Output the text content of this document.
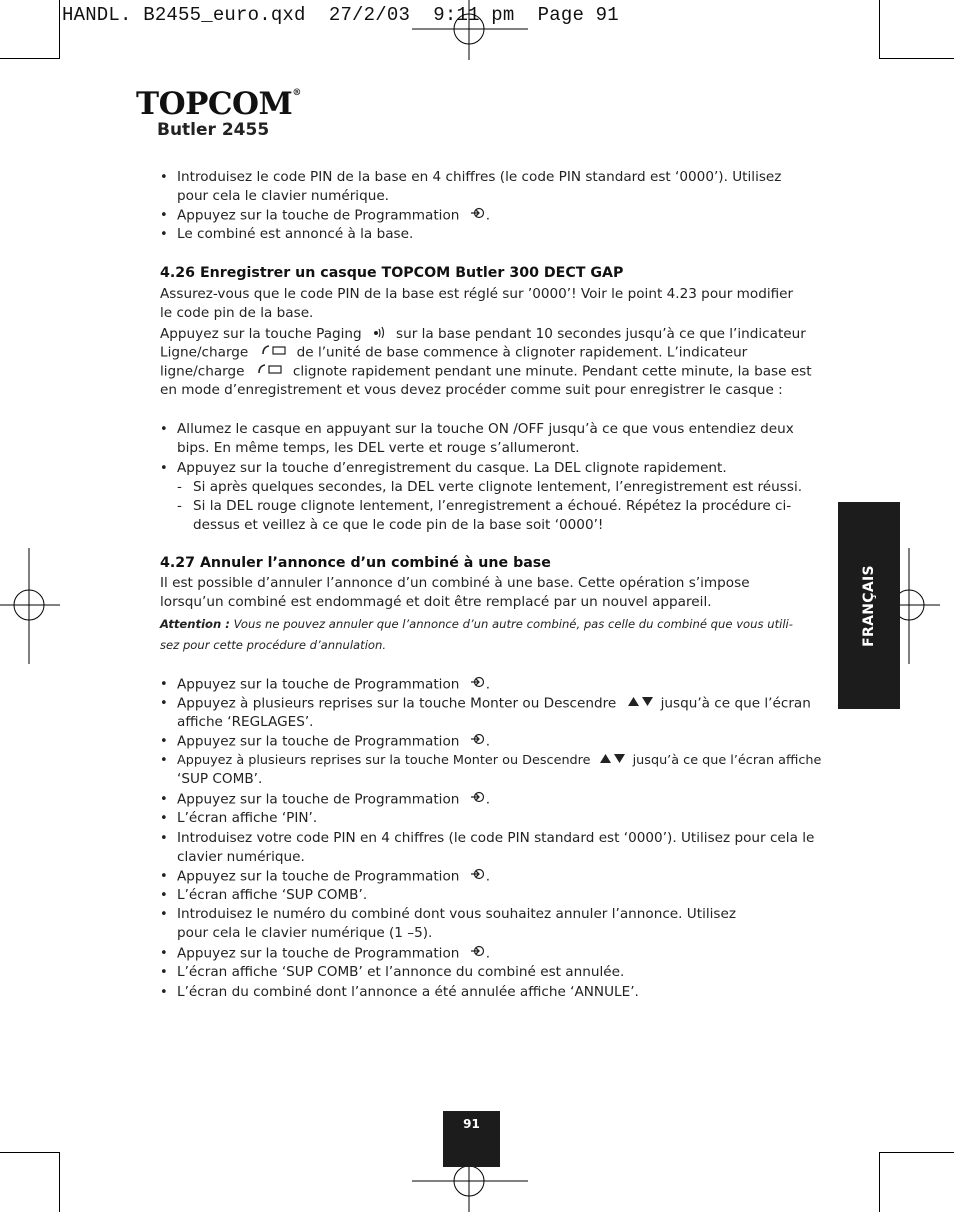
HANDL. B2455_euro.qxd  27/2/03  9:11 pm  Page 91
TOPCOM®
Butler 2455
• Introduisez le code PIN de la base en 4 chiffres (le code PIN standard est ‘0000’). Utilisez
pour cela le clavier numérique.
• Appuyez sur la touche de Programmation .
• Le combiné est annoncé à la base.
4.26 Enregistrer un casque TOPCOM Butler 300 DECT GAP
Assurez-vous que le code PIN de la base est réglé sur ’0000’! Voir le point 4.23 pour modifier
le code pin de la base.
Appuyez sur la touche Paging	sur la base pendant 10 secondes jusqu’à ce que l’indicateur
Ligne/charge	de l’unité de base commence à clignoter rapidement. L’indicateur
ligne/charge	clignote rapidement pendant une minute. Pendant cette minute, la base est
en mode d’enregistrement et vous devez procéder comme suit pour enregistrer le casque :
• Allumez le casque en appuyant sur la touche ON /OFF jusqu’à ce que vous entendiez deux
bips. En même temps, les DEL verte et rouge s’allumeront.
• Appuyez sur la touche d’enregistrement du casque. La DEL clignote rapidement.
- Si après quelques secondes, la DEL verte clignote lentement, l’enregistrement est réussi.
- Si la DEL rouge clignote lentement, l’enregistrement a échoué. Répétez la procédure ci-
dessus et veillez à ce que le code pin de la base soit ‘0000’!
4.27 Annuler l’annonce d’un combiné à une base
Il est possible d’annuler l’annonce d’un combiné à une base. Cette opération s’impose
lorsqu’un combiné est endommagé et doit être remplacé par un nouvel appareil.
Attention : Vous ne pouvez annuler que l’annonce d’un autre combiné, pas celle du combiné que vous utili-
sez pour cette procédure d’annulation.
• Appuyez sur la touche de Programmation .
• Appuyez à plusieurs reprises sur la touche Monter ou Descendre	jusqu’à ce que l’écran
affiche ‘REGLAGES’.
• Appuyez sur la touche de Programmation .
• Appuyez à plusieurs reprises sur la touche Monter ou Descendre	jusqu’à ce que l’écran affiche
‘SUP COMB’.
• Appuyez sur la touche de Programmation .
• L’écran affiche ‘PIN’.
• Introduisez votre code PIN en 4 chiffres (le code PIN standard est ‘0000’). Utilisez pour cela le
clavier numérique.
• Appuyez sur la touche de Programmation .
• L’écran affiche ‘SUP COMB’.
• Introduisez le numéro du combiné dont vous souhaitez annuler l’annonce. Utilisez
pour cela le clavier numérique (1 –5).
• Appuyez sur la touche de Programmation .
• L’écran affiche ‘SUP COMB’ et l’annonce du combiné est annulée.
• L’écran du combiné dont l’annonce a été annulée affiche ‘ANNULE’.
FRANÇAIS
91
